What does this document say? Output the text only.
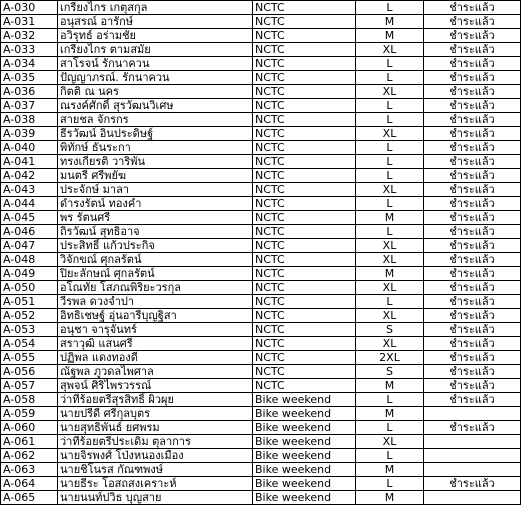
A-030	เกรียงไกร เกตุสกุล	NCTC	L	ชำระแล้ว
A-031	อนุสรณ์ อารักษ์	NCTC	M	ชำระแล้ว
A-032	อวิรุทธ์ อร่ามชัย	NCTC	M	ชำระแล้ว
A-033	เกรียงไกร ตามสมัย	NCTC	XL	ชำระแล้ว
A-034	สาโรจน์ รักนาควน	NCTC	L	ชำระแล้ว
A-035	ปัญญาภรณ์. รักนาควน	NCTC	L	ชำระแล้ว
A-036	กิตติ ณ นคร	NCTC	XL	ชำระแล้ว
A-037	ณรงค์ศักดิ์ สุรวัฒนวิเศษ	NCTC	L	ชำระแล้ว
A-038	สายชล จักรกร	NCTC	L	ชำระแล้ว
A-039	ธีรวัฒน์ อินประดิษฐ์	NCTC	XL	ชำระแล้ว
A-040	พิทักษ์ ธันระกา	NCTC	L	ชำระแล้ว
A-041	ทรงเกียรติ วาริพัน	NCTC	L	ชำระแล้ว
A-042	มนตรี ศรีพยัฆ	NCTC	L	ชำระแล้ว
A-043	ประจักษ์ มาลา	NCTC	XL	ชำระแล้ว
A-044	ดำรงรัตน์ ทองคำ	NCTC	L	ชำระแล้ว
A-045	พร รัตนศรี	NCTC	M	ชำระแล้ว
A-046	ถิรวัฒน์ สุทธิอาจ	NCTC	L	ชำระแล้ว
A-047	ประสิทธิ์ แก้วประกิจ	NCTC	XL	ชำระแล้ว
A-048	วิจักขณ์ ศุกลรัตน์	NCTC	XL	ชำระแล้ว
A-049	ปิยะลักษณ์ ศุกลรัตน์	NCTC	M	ชำระแล้ว
A-050	อโณทัย โสภณพิริยะวรกุล	NCTC	XL	ชำระแล้ว
A-051	วีรพล ดวงจำปา	NCTC	L	ชำระแล้ว
A-052	อิทธิเชษฐ์ อุ่นอารีบุญฐิสา	NCTC	XL	ชำระแล้ว
A-053	อนุชา จารุจันทร์	NCTC	S	ชำระแล้ว
A-054	สราวุฒิ แสนศรี	NCTC	XL	ชำระแล้ว
A-055	ปฏิพล แดงทองดี	NCTC	2XL	ชำระแล้ว
A-056	ณัฐพล ภูวดลไพศาล	NCTC	S	ชำระแล้ว
A-057	สุพจน์ ศิริไพรวรรณ์	NCTC	M	ชำระแล้ว
A-058	ว่าที่ร้อยตรีสุรสิทธิ์ ผิวผุย	Bike weekend	L	ชำระแล้ว
A-059	นายปรีดี ศรีกุลบุตร	Bike weekend	M	
A-060	นายสุทธิพันธ์ ยศพรม	Bike weekend	L	ชำระแล้ว
A-061	ว่าที่ร้อยตรีประเดิม ตุลาการ	Bike weekend	XL	
A-062	นายจิรพงศ์ โป่งหนองเมือง	Bike weekend	L	
A-063	นายชิโนรส กัณฑพงษ์	Bike weekend	M	
A-064	นายธีระ โอสถสงเคราะห์	Bike weekend	L	ชำระแล้ว
A-065	นายนนท์ปวิธ บุญสาย	Bike weekend	M	
